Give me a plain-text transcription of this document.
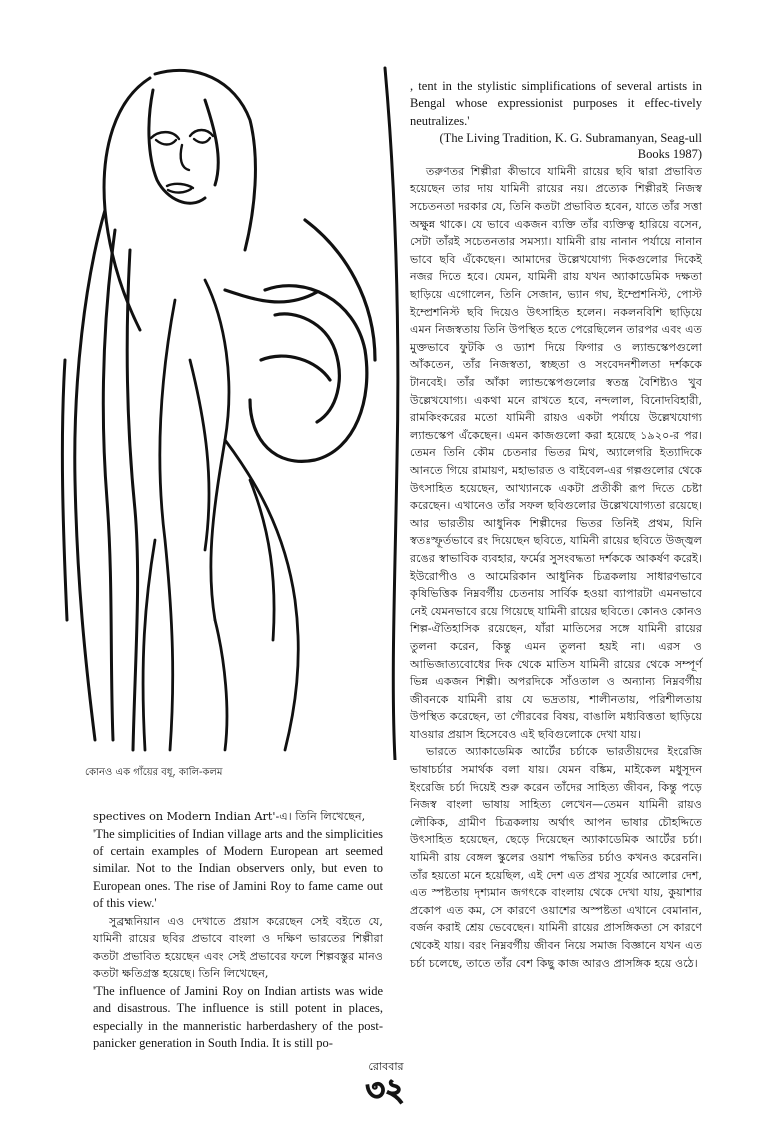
কোনও এক গাঁয়ের বধূ, কালি-কলম

, tent in the stylistic simplifications of several artists in Bengal whose expressionist purposes it effec-tively neutralizes.'

(The Living Tradition, K. G. Subramanyan, Seag-ull Books 1987)

তরুণতর শিল্পীরা কীভাবে যামিনী রায়ের ছবি দ্বারা প্রভাবিত হয়েছেন তার দায় যামিনী রায়ের নয়। প্রত্যেক শিল্পীরই নিজস্ব সচেতনতা দরকার যে, তিনি কতটা প্রভাবিত হবেন, যাতে তাঁর সত্তা অক্ষুন্ন থাকে। যে ভাবে একজন ব্যক্তি তাঁর ব্যক্তিত্ব হারিয়ে বসেন, সেটা তাঁরই সচেতনতার সমস্যা। যামিনী রায় নানান পর্যায়ে নানান ভাবে ছবি এঁকেছেন। আমাদের উল্লেখযোগ্য দিকগুলোর দিকেই নজর দিতে হবে। যেমন, যামিনী রায় যখন অ্যাকাডেমিক দক্ষতা ছাড়িয়ে এগোলেন, তিনি সেজান, ভ্যান গঘ, ইম্প্রেশনিস্ট, পোস্ট ইম্প্রেশনিস্ট ছবি দিয়েও উৎসাহিত হলেন। নকলনবিশি ছাড়িয়ে এমন নিজস্বতায় তিনি উপস্থিত হতে পেরেছিলেন তারপর এবং এত মুক্তভাবে ফুটকি ও ড্যাশ দিয়ে ফিগার ও ল্যান্ডস্কেপগুলো আঁকতেন, তাঁর নিজস্বতা, স্বচ্ছতা ও সংবেদনশীলতা দর্শককে টানবেই। তাঁর আঁকা ল্যান্ডস্কেপগুলোর স্বতন্ত্র বৈশিষ্ট্যও খুব উল্লেখযোগ্য। একথা মনে রাখতে হবে, নন্দলাল, বিনোদবিহারী, রামকিংকরের মতো যামিনী রায়ও একটা পর্যায়ে উল্লেখযোগ্য ল্যান্ডস্কেপ এঁকেছেন। এমন কাজগুলো করা হয়েছে ১৯২০-র পর। তেমন তিনি কৌম চেতনার ভিতর মিথ, অ্যালেগরি ইত্যাদিকে আনতে গিয়ে রামায়ণ, মহাভারত ও বাইবেল-এর গল্পগুলোর থেকে উৎসাহিত হয়েছেন, আখ্যানকে একটা প্রতীকী রূপ দিতে চেষ্টা করেছেন। এখানেও তাঁর সফল ছবিগুলোর উল্লেখযোগ্যতা রয়েছে। আর ভারতীয় আধুনিক শিল্পীদের ভিতর তিনিই প্রথম, যিনি স্বতঃস্ফূর্তভাবে রং দিয়েছেন ছবিতে, যামিনী রায়ের ছবিতে উজ্জ্বল রঙের স্বাভাবিক ব্যবহার, ফর্মের সুসংবদ্ধতা দর্শককে আকর্ষণ করেই। ইউরোপীও ও আমেরিকান আধুনিক চিত্রকলায় সাধারণভাবে কৃষিভিত্তিক নিম্নবর্গীয় চেতনায় সার্বিক হওয়া ব্যাপারটা এমনভাবে নেই যেমনভাবে রয়ে গিয়েছে যামিনী রায়ের ছবিতে। কোনও কোনও শিল্প-ঐতিহাসিক রয়েছেন, যাঁরা মাতিসের সঙ্গে যামিনী রায়ের তুলনা করেন, কিন্তু এমন তুলনা হয়ই না। এরস ও আভিজাত্যবোধের দিক থেকে মাতিস যামিনী রায়ের থেকে সম্পূর্ণ ভিন্ন একজন শিল্পী। অপরদিকে সাঁওতাল ও অন্যান্য নিম্নবর্গীয় জীবনকে যামিনী রায় যে ভদ্রতায়, শালীনতায়, পরিশীলতায় উপস্থিত করেছেন, তা গৌরবের বিষয়, বাঙালি মধ্যবিত্ততা ছাড়িয়ে যাওয়ার প্রয়াস হিসেবেও এই ছবিগুলোকে দেখা যায়।

ভারতে অ্যাকাডেমিক আর্টের চর্চাকে ভারতীয়দের ইংরেজি ভাষাচর্চার সমার্থক বলা যায়। যেমন বঙ্কিম, মাইকেল মধুসূদন ইংরেজি চর্চা দিয়েই শুরু করেন তাঁদের সাহিত্য জীবন, কিন্তু পড়ে নিজস্ব বাংলা ভাষায় সাহিত্য লেখেন—তেমন যামিনী রায়ও লৌকিক, গ্রামীণ চিত্রকলায় অর্থাৎ আপন ভাষার চৌহদ্দিতে উৎসাহিত হয়েছেন, ছেড়ে দিয়েছেন অ্যাকাডেমিক আর্টের চর্চা। যামিনী রায় বেঙ্গল স্কুলের ওয়াশ পদ্ধতির চর্চাও কখনও করেননি। তাঁর হয়তো মনে হয়েছিল, এই দেশ এত প্রখর সূর্যের আলোর দেশ, এত স্পষ্টতায় দৃশ্যমান জগৎকে বাংলায় থেকে দেখা যায়, কুয়াশার প্রকোপ এত কম, সে কারণে ওয়াশের অস্পষ্টতা এখানে বেমানান, বর্জন করাই শ্রেয় ভেবেছেন। যামিনী রায়ের প্রাসঙ্গিকতা সে কারণে থেকেই যায়। বরং নিম্নবর্গীয় জীবন নিয়ে সমাজ বিজ্ঞানে যখন এত চর্চা চলেছে, তাতে তাঁর বেশ কিছু কাজ আরও প্রাসঙ্গিক হয়ে ওঠে।

spectives on Modern Indian Art'-এ। তিনি লিখেছেন,

'The simplicities of Indian village arts and the simplicities of certain examples of Modern European art seemed similar. Not to the Indian observers only, but even to European ones. The rise of Jamini Roy to fame came out of this view.'

সুব্রহ্মনিয়ান এও দেখাতে প্রয়াস করেছেন সেই বইতে যে, যামিনী রায়ের ছবির প্রভাবে বাংলা ও দক্ষিণ ভারতের শিল্পীরা কতটা প্রভাবিত হয়েছেন এবং সেই প্রভাবের ফলে শিল্পবস্তুর মানও কতটা ক্ষতিগ্রস্ত হয়েছে। তিনি লিখেছেন,

'The influence of Jamini Roy on Indian artists was wide and disastrous. The influence is still potent in places, especially in the manneristic harberdashery of the post-panicker generation in South India. It is still po-

রোববার
৩২
